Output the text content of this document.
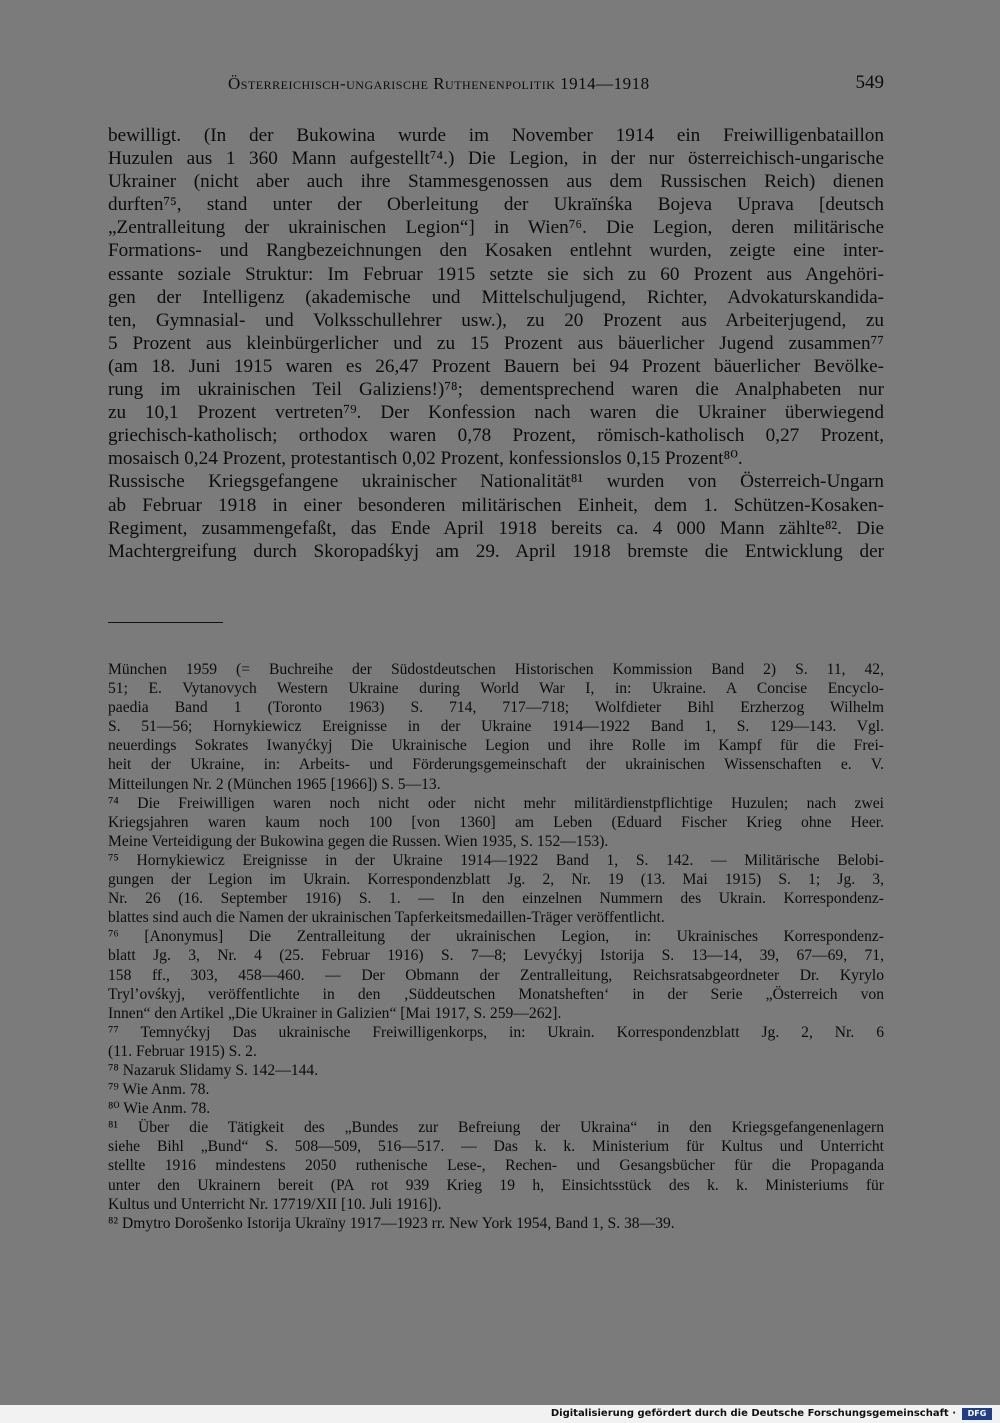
Österreichisch-ungarische Ruthenenpolitik 1914—1918	549
bewilligt. (In der Bukowina wurde im November 1914 ein Freiwilligenbataillon
Huzulen aus 1 360 Mann aufgestellt⁷⁴.) Die Legion, in der nur österreichisch-ungarische
Ukrainer (nicht aber auch ihre Stammesgenossen aus dem Russischen Reich) dienen
durften⁷⁵, stand unter der Oberleitung der Ukraïnśka Bojeva Uprava [deutsch
„Zentralleitung der ukrainischen Legion“] in Wien⁷⁶. Die Legion, deren militärische
Formations- und Rangbezeichnungen den Kosaken entlehnt wurden, zeigte eine inter-
essante soziale Struktur: Im Februar 1915 setzte sie sich zu 60 Prozent aus Angehöri-
gen der Intelligenz (akademische und Mittelschuljugend, Richter, Advokaturskandida-
ten, Gymnasial- und Volksschullehrer usw.), zu 20 Prozent aus Arbeiterjugend, zu
5 Prozent aus kleinbürgerlicher und zu 15 Prozent aus bäuerlicher Jugend zusammen⁷⁷
(am 18. Juni 1915 waren es 26,47 Prozent Bauern bei 94 Prozent bäuerlicher Bevölke-
rung im ukrainischen Teil Galiziens!)⁷⁸; dementsprechend waren die Analphabeten nur
zu 10,1 Prozent vertreten⁷⁹. Der Konfession nach waren die Ukrainer überwiegend
griechisch-katholisch; orthodox waren 0,78 Prozent, römisch-katholisch 0,27 Prozent,
mosaisch 0,24 Prozent, protestantisch 0,02 Prozent, konfessionslos 0,15 Prozent⁸⁰.
Russische Kriegsgefangene ukrainischer Nationalität⁸¹ wurden von Österreich-Ungarn
ab Februar 1918 in einer besonderen militärischen Einheit, dem 1. Schützen-Kosaken-
Regiment, zusammengefaßt, das Ende April 1918 bereits ca. 4 000 Mann zählte⁸². Die
Machtergreifung durch Skoropadśkyj am 29. April 1918 bremste die Entwicklung der
München 1959 (= Buchreihe der Südostdeutschen Historischen Kommission Band 2) S. 11, 42,
51; E. Vytanovych Western Ukraine during World War I, in: Ukraine. A Concise Encyclo-
paedia Band 1 (Toronto 1963) S. 714, 717—718; Wolfdieter Bihl Erzherzog Wilhelm
S. 51—56; Hornykiewicz Ereignisse in der Ukraine 1914—1922 Band 1, S. 129—143. Vgl.
neuerdings Sokrates Iwanyćkyj Die Ukrainische Legion und ihre Rolle im Kampf für die Frei-
heit der Ukraine, in: Arbeits- und Förderungsgemeinschaft der ukrainischen Wissenschaften e. V.
Mitteilungen Nr. 2 (München 1965 [1966]) S. 5—13.
⁷⁴ Die Freiwilligen waren noch nicht oder nicht mehr militärdienstpflichtige Huzulen; nach zwei
Kriegsjahren waren kaum noch 100 [von 1360] am Leben (Eduard Fischer Krieg ohne Heer.
Meine Verteidigung der Bukowina gegen die Russen. Wien 1935, S. 152—153).
⁷⁵ Hornykiewicz Ereignisse in der Ukraine 1914—1922 Band 1, S. 142. — Militärische Belobi-
gungen der Legion im Ukrain. Korrespondenzblatt Jg. 2, Nr. 19 (13. Mai 1915) S. 1; Jg. 3,
Nr. 26 (16. September 1916) S. 1. — In den einzelnen Nummern des Ukrain. Korrespondenz-
blattes sind auch die Namen der ukrainischen Tapferkeitsmedaillen-Träger veröffentlicht.
⁷⁶ [Anonymus] Die Zentralleitung der ukrainischen Legion, in: Ukrainisches Korrespondenz-
blatt Jg. 3, Nr. 4 (25. Februar 1916) S. 7—8; Levyćkyj Istorija S. 13—14, 39, 67—69, 71,
158 ff., 303, 458—460. — Der Obmann der Zentralleitung, Reichsratsabgeordneter Dr. Kyrylo
Tryl’ovśkyj, veröffentlichte in den ‚Süddeutschen Monatsheften‘ in der Serie „Österreich von
Innen“ den Artikel „Die Ukrainer in Galizien“ [Mai 1917, S. 259—262].
⁷⁷ Temnyćkyj Das ukrainische Freiwilligenkorps, in: Ukrain. Korrespondenzblatt Jg. 2, Nr. 6
(11. Februar 1915) S. 2.
⁷⁸ Nazaruk Slidamy S. 142—144.
⁷⁹ Wie Anm. 78.
⁸⁰ Wie Anm. 78.
⁸¹ Über die Tätigkeit des „Bundes zur Befreiung der Ukraina“ in den Kriegsgefangenenlagern
siehe Bihl „Bund“ S. 508—509, 516—517. — Das k. k. Ministerium für Kultus und Unterricht
stellte 1916 mindestens 2050 ruthenische Lese-, Rechen- und Gesangsbücher für die Propaganda
unter den Ukrainern bereit (PA rot 939 Krieg 19 h, Einsichtsstück des k. k. Ministeriums für
Kultus und Unterricht Nr. 17719/XII [10. Juli 1916]).
⁸² Dmytro Dorošenko Istorija Ukraïny 1917—1923 rr. New York 1954, Band 1, S. 38—39.
Digitalisierung gefördert durch die Deutsche Forschungsgemeinschaft ·	DFG
